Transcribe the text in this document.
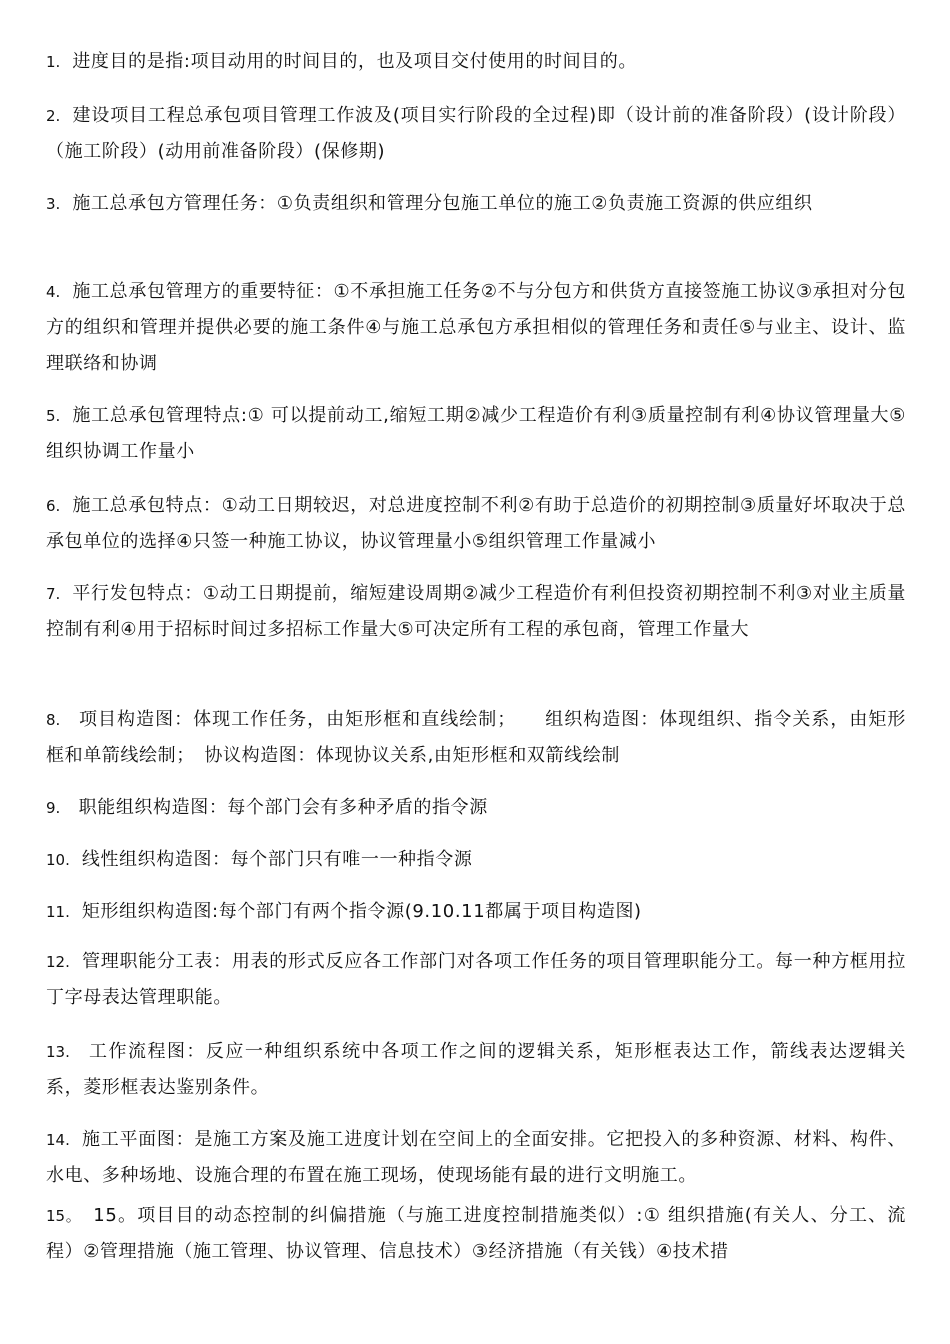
1. 进度目的是指:项目动用的时间目的，也及项目交付使用的时间目的。
2. 建设项目工程总承包项目管理工作波及(项目实行阶段的全过程)即（设计前的准备阶段）(设计阶段）（施工阶段）(动用前准备阶段）(保修期)
3. 施工总承包方管理任务：①负责组织和管理分包施工单位的施工②负责施工资源的供应组织
4. 施工总承包管理方的重要特征：①不承担施工任务②不与分包方和供货方直接签施工协议③承担对分包方的组织和管理并提供必要的施工条件④与施工总承包方承担相似的管理任务和责任⑤与业主、设计、监理联络和协调
5. 施工总承包管理特点:① 可以提前动工,缩短工期②减少工程造价有利③质量控制有利④协议管理量大⑤组织协调工作量小
6. 施工总承包特点：①动工日期较迟，对总进度控制不利②有助于总造价的初期控制③质量好坏取决于总承包单位的选择④只签一种施工协议，协议管理量小⑤组织管理工作量减小
7. 平行发包特点：①动工日期提前，缩短建设周期②减少工程造价有利但投资初期控制不利③对业主质量控制有利④用于招标时间过多招标工作量大⑤可决定所有工程的承包商，管理工作量大
8. 项目构造图：体现工作任务，由矩形框和直线绘制；　　组织构造图：体现组织、指令关系，由矩形框和单箭线绘制；　协议构造图：体现协议关系,由矩形框和双箭线绘制
9. 职能组织构造图：每个部门会有多种矛盾的指令源
10. 线性组织构造图：每个部门只有唯一一种指令源
11. 矩形组织构造图:每个部门有两个指令源(9.10.11都属于项目构造图)
12. 管理职能分工表：用表的形式反应各工作部门对各项工作任务的项目管理职能分工。每一种方框用拉丁字母表达管理职能。
13. 工作流程图：反应一种组织系统中各项工作之间的逻辑关系，矩形框表达工作，箭线表达逻辑关系，菱形框表达鉴别条件。
14. 施工平面图：是施工方案及施工进度计划在空间上的全面安排。它把投入的多种资源、材料、构件、水电、多种场地、设施合理的布置在施工现场，使现场能有最的进行文明施工。
15。 15。项目目的动态控制的纠偏措施（与施工进度控制措施类似）:① 组织措施(有关人、分工、流程）②管理措施（施工管理、协议管理、信息技术）③经济措施（有关钱）④技术措
